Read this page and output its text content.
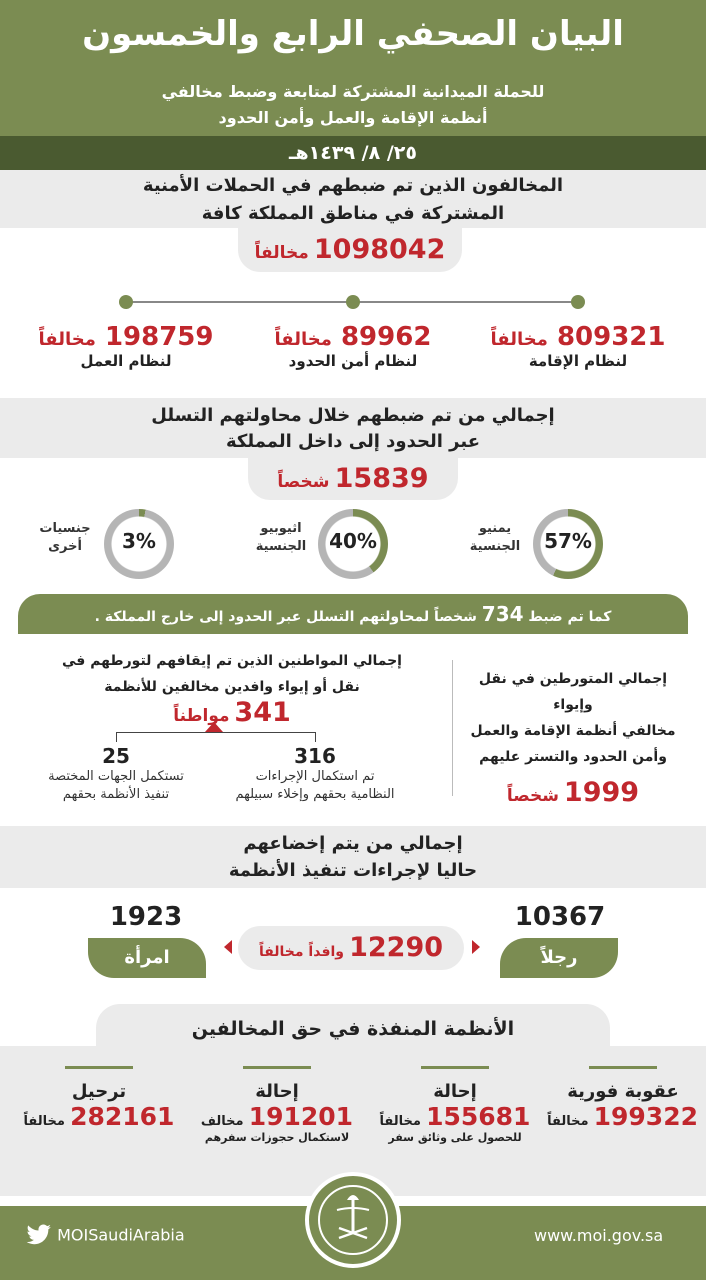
البيان الصحفي الرابع والخمسون
للحملة الميدانية المشتركة لمتابعة وضبط مخالفي
أنظمة الإقامة والعمل وأمن الحدود
٢٥/ ٨/ ١٤٣٩هـ
المخالفون الذين تم ضبطهم في الحملات الأمنية
المشتركة في مناطق المملكة كافة
1098042 مخالفاً
809321 مخالفاً
لنظام الإقامة
89962 مخالفاً
لنظام أمن الحدود
198759 مخالفاً
لنظام العمل
إجمالي من تم ضبطهم خلال محاولتهم التسلل
عبر الحدود إلى داخل المملكة
15839 شخصاً
57%
يمنيو
الجنسية
40%
اثيوبيو
الجنسية
3%
جنسيات
أخرى
كما تم ضبط 734 شخصاً لمحاولتهم التسلل عبر الحدود إلى خارج المملكة .
إجمالي المتورطين في نقل وإيواء
مخالفي أنظمة الإقامة والعمل
وأمن الحدود والتستر عليهم
1999 شخصاً
إجمالي المواطنين الذين تم إيقافهم لتورطهم في
نقل أو إيواء وافدين مخالفين للأنظمة
341 مواطناً
316
تم استكمال الإجراءات
النظامية بحقهم وإخلاء سبيلهم
25
تستكمل الجهات المختصة
تنفيذ الأنظمة بحقهم
إجمالي من يتم إخضاعهم
حاليا لإجراءات تنفيذ الأنظمة
10367
رجلاً
1923
امرأة	12290 وافداً مخالفاً
الأنظمة المنفذة في حق المخالفين
عقوبة فورية
199322 مخالفاً
إحالة
155681 مخالفاً
للحصول على وثائق سفر
إحالة
191201 مخالف
لاستكمال حجوزات سفرهم
ترحيل
282161 مخالفاً
www.moi.gov.sa
MOISaudiArabia
